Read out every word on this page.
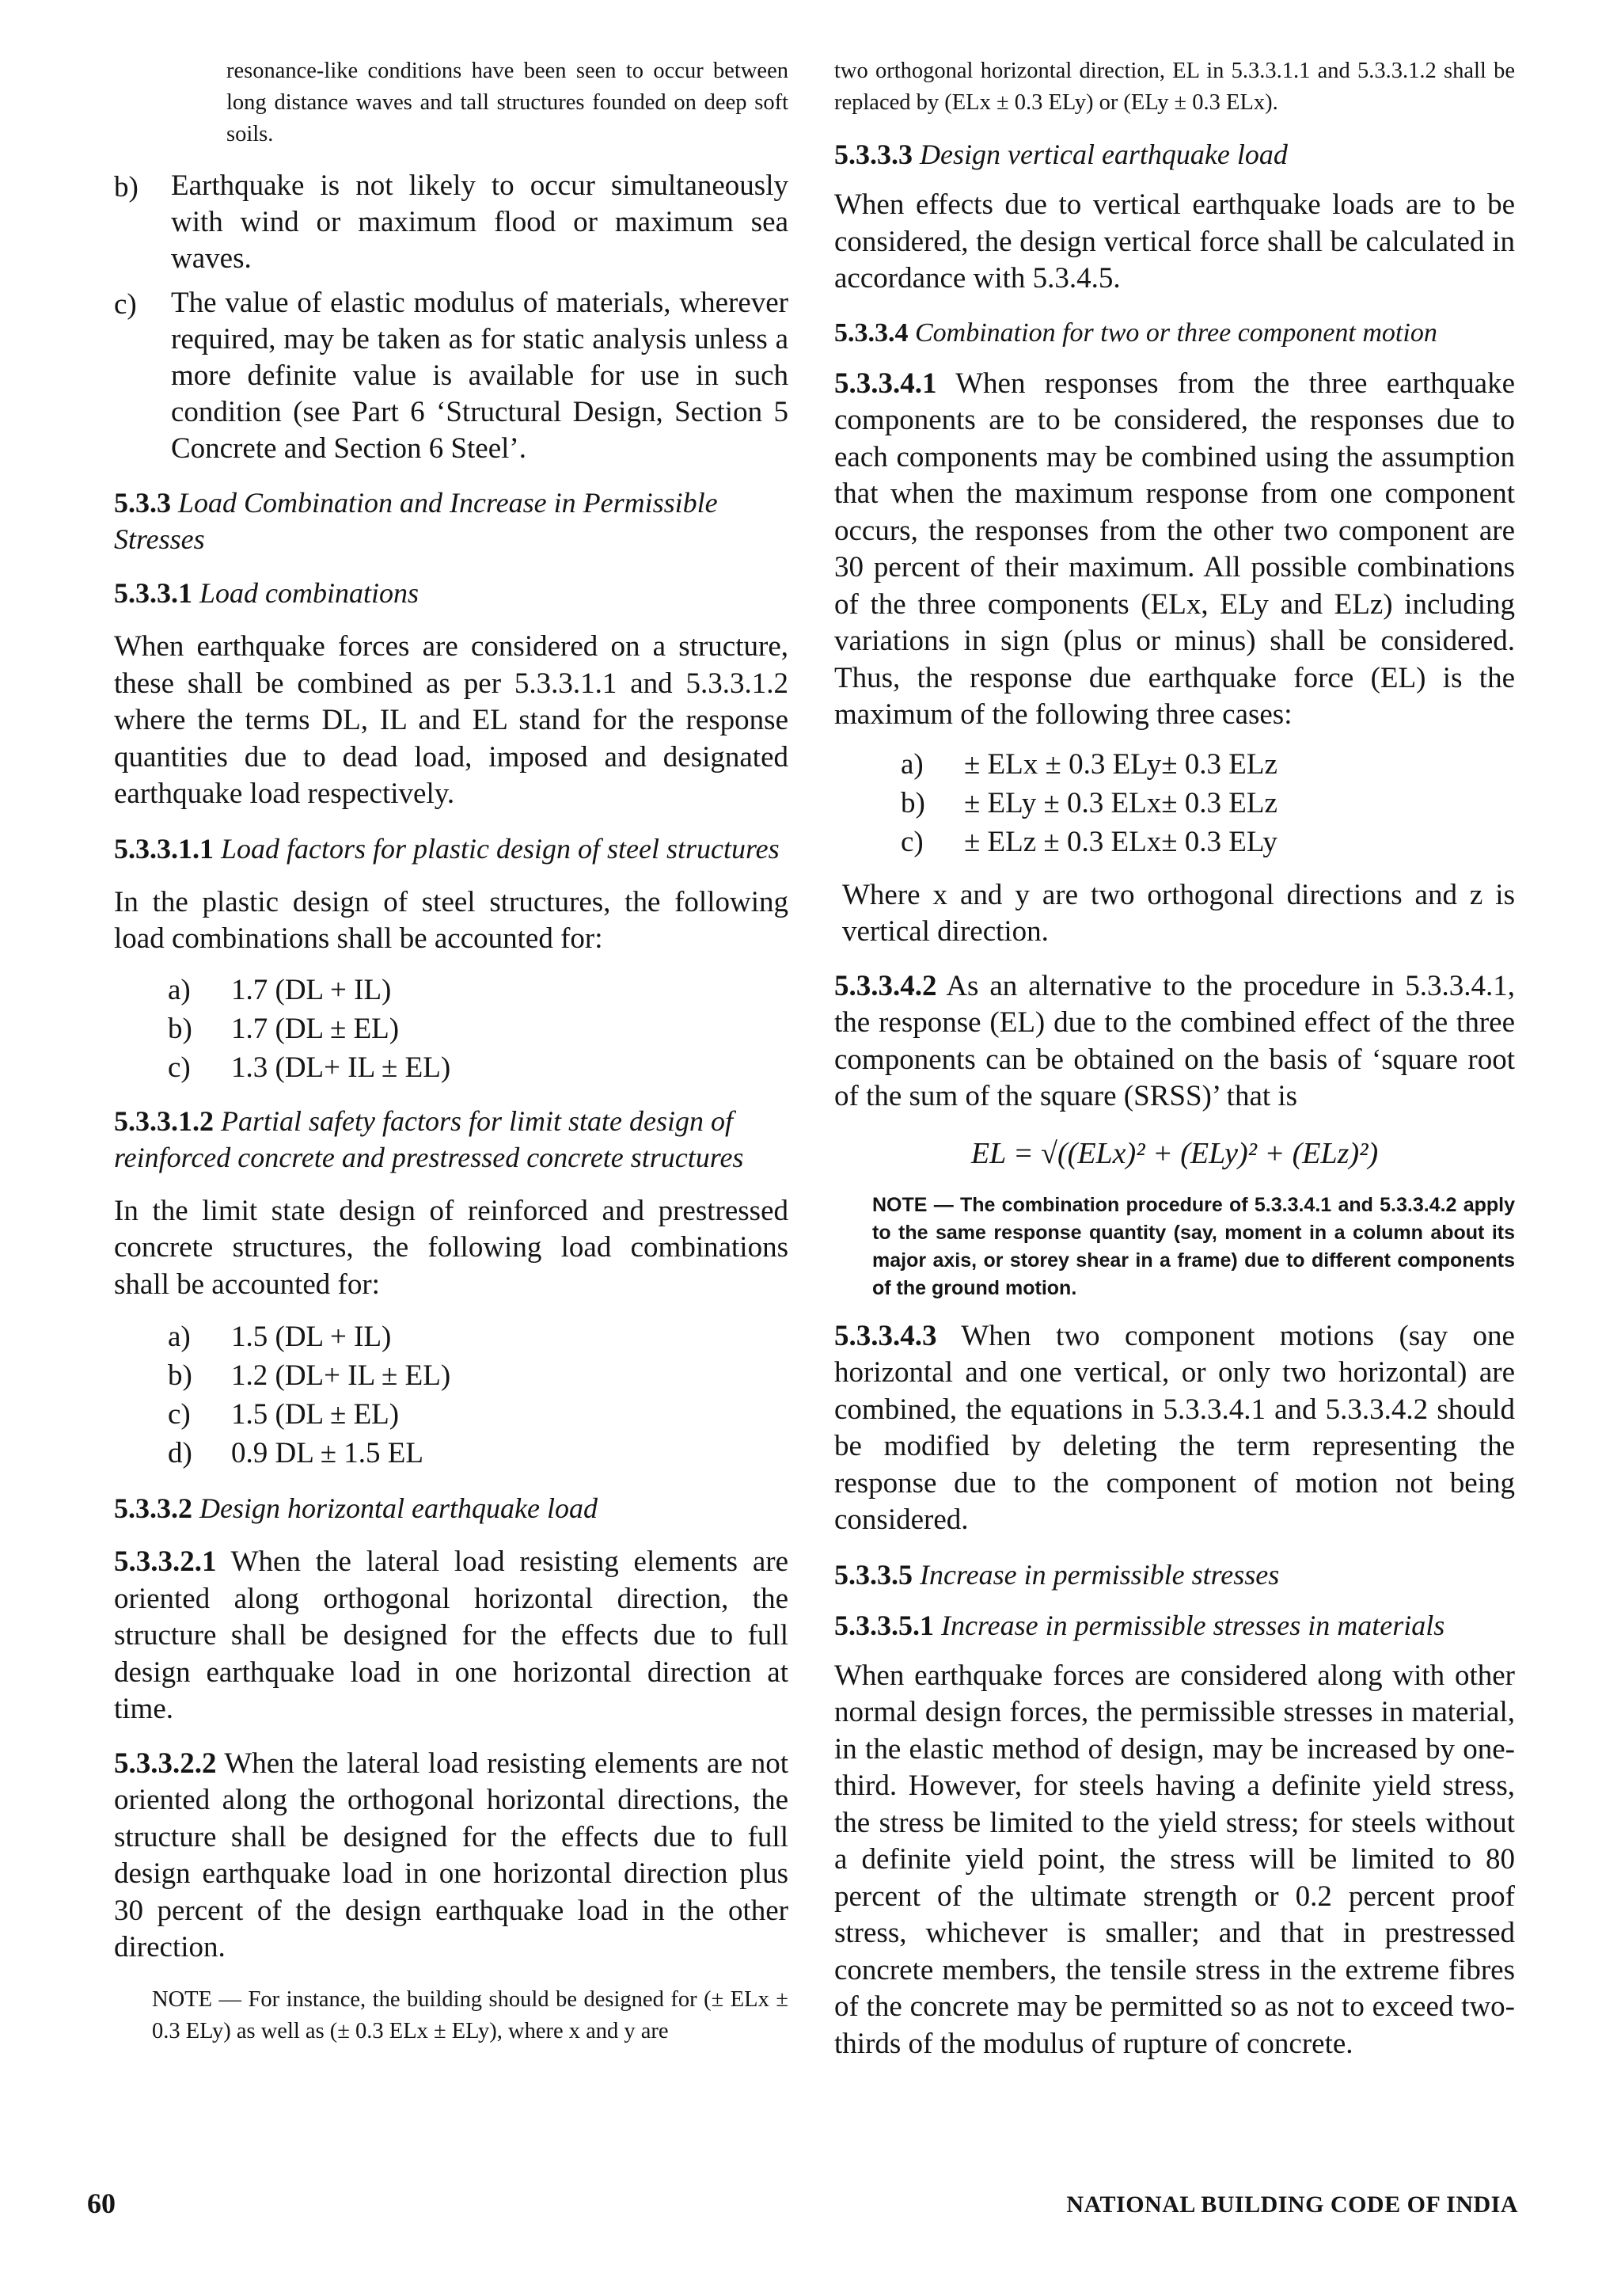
resonance-like conditions have been seen to occur between long distance waves and tall structures founded on deep soft soils.

b)	Earthquake is not likely to occur simultaneously with wind or maximum flood or maximum sea waves.
c)	The value of elastic modulus of materials, wherever required, may be taken as for static analysis unless a more definite value is available for use in such condition (see Part 6 ‘Structural Design, Section 5 Concrete and Section 6 Steel’.

5.3.3 Load Combination and Increase in Permissible Stresses

5.3.3.1 Load combinations

When earthquake forces are considered on a structure, these shall be combined as per 5.3.3.1.1 and 5.3.3.1.2 where the terms DL, IL and EL stand for the response quantities due to dead load, imposed and designated earthquake load respectively.

5.3.3.1.1 Load factors for plastic design of steel structures

In the plastic design of steel structures, the following load combinations shall be accounted for:

a)	1.7 (DL + IL)
b)	1.7 (DL ± EL)
c)	1.3 (DL+ IL ± EL)

5.3.3.1.2 Partial safety factors for limit state design of reinforced concrete and prestressed concrete structures

In the limit state design of reinforced and prestressed concrete structures, the following load combinations shall be accounted for:

a)	1.5 (DL + IL)
b)	1.2 (DL+ IL ± EL)
c)	1.5 (DL ± EL)
d)	0.9 DL ± 1.5 EL

5.3.3.2 Design horizontal earthquake load

5.3.3.2.1 When the lateral load resisting elements are oriented along orthogonal horizontal direction, the structure shall be designed for the effects due to full design earthquake load in one horizontal direction at time.

5.3.3.2.2 When the lateral load resisting elements are not oriented along the orthogonal horizontal directions, the structure shall be designed for the effects due to full design earthquake load in one horizontal direction plus 30 percent of the design earthquake load in the other direction.

NOTE — For instance, the building should be designed for (± ELx ± 0.3 ELy) as well as (± 0.3 ELx ± ELy), where x and y are

two orthogonal horizontal direction, EL in 5.3.3.1.1 and 5.3.3.1.2 shall be replaced by (ELx ± 0.3 ELy) or (ELy ± 0.3 ELx).

5.3.3.3 Design vertical earthquake load

When effects due to vertical earthquake loads are to be considered, the design vertical force shall be calculated in accordance with 5.3.4.5.

5.3.3.4 Combination for two or three component motion

5.3.3.4.1 When responses from the three earthquake components are to be considered, the responses due to each components may be combined using the assumption that when the maximum response from one component occurs, the responses from the other two component are 30 percent of their maximum. All possible combinations of the three components (ELx, ELy and ELz) including variations in sign (plus or minus) shall be considered. Thus, the response due earthquake force (EL) is the maximum of the following three cases:

a)	± ELx ± 0.3 ELy± 0.3 ELz
b)	± ELy ± 0.3 ELx± 0.3 ELz
c)	± ELz ± 0.3 ELx± 0.3 ELy

Where x and y are two orthogonal directions and z is vertical direction.

5.3.3.4.2 As an alternative to the procedure in 5.3.3.4.1, the response (EL) due to the combined effect of the three components can be obtained on the basis of ‘square root of the sum of the square (SRSS)’ that is

EL = √((ELx)² + (ELy)² + (ELz)²)

NOTE — The combination procedure of 5.3.3.4.1 and 5.3.3.4.2 apply to the same response quantity (say, moment in a column about its major axis, or storey shear in a frame) due to different components of the ground motion.

5.3.3.4.3 When two component motions (say one horizontal and one vertical, or only two horizontal) are combined, the equations in 5.3.3.4.1 and 5.3.3.4.2 should be modified by deleting the term representing the response due to the component of motion not being considered.

5.3.3.5 Increase in permissible stresses

5.3.3.5.1 Increase in permissible stresses in materials

When earthquake forces are considered along with other normal design forces, the permissible stresses in material, in the elastic method of design, may be increased by one-third. However, for steels having a definite yield stress, the stress be limited to the yield stress; for steels without a definite yield point, the stress will be limited to 80 percent of the ultimate strength or 0.2 percent proof stress, whichever is smaller; and that in prestressed concrete members, the tensile stress in the extreme fibres of the concrete may be permitted so as not to exceed two-thirds of the modulus of rupture of concrete.

60	NATIONAL BUILDING CODE OF INDIA
